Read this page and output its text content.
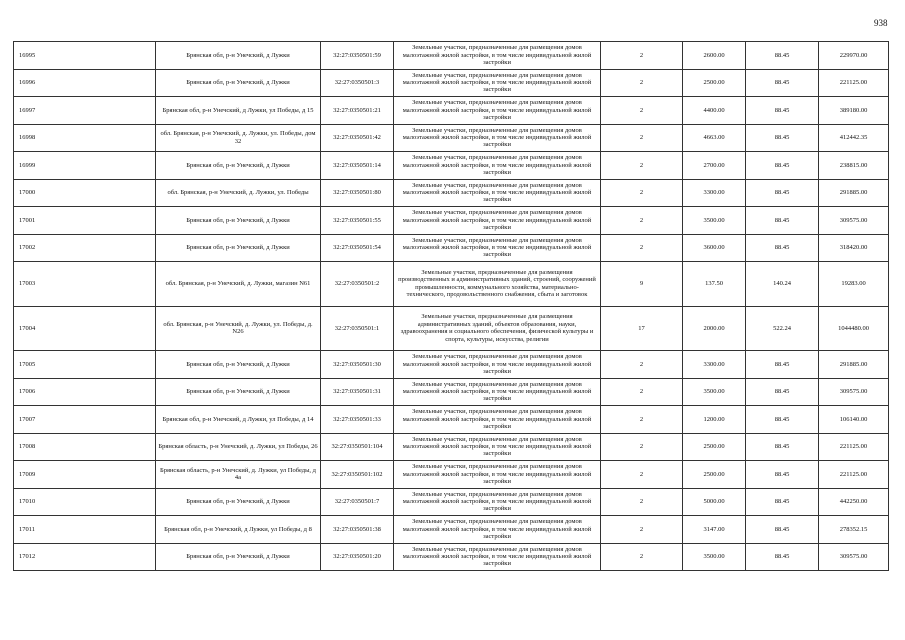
938
16995	Брянская обл, р-н Унечский, д Лужки	32:27:0350501:59	Земельные участки, предназначенные для размещения домов малоэтажной жилой застройки, в том числе индивидуальной жилой застройки	2	2600.00	88.45	229970.00
16996	Брянская обл, р-н Унечский, д Лужки	32:27:0350501:3	Земельные участки, предназначенные для размещения домов малоэтажной жилой застройки, в том числе индивидуальной жилой застройки	2	2500.00	88.45	221125.00
16997	Брянская обл, р-н Унечский, д Лужки, ул Победы, д 15	32:27:0350501:21	Земельные участки, предназначенные для размещения домов малоэтажной жилой застройки, в том числе индивидуальной жилой застройки	2	4400.00	88.45	389180.00
16998	обл. Брянская, р-н Унечский, д. Лужки, ул. Победы, дом 32	32:27:0350501:42	Земельные участки, предназначенные для размещения домов малоэтажной жилой застройки, в том числе индивидуальной жилой застройки	2	4663.00	88.45	412442.35
16999	Брянская обл, р-н Унечский, д Лужки	32:27:0350501:14	Земельные участки, предназначенные для размещения домов малоэтажной жилой застройки, в том числе индивидуальной жилой застройки	2	2700.00	88.45	238815.00
17000	обл. Брянская, р-н Унечский, д. Лужки, ул. Победы	32:27:0350501:80	Земельные участки, предназначенные для размещения домов малоэтажной жилой застройки, в том числе индивидуальной жилой застройки	2	3300.00	88.45	291885.00
17001	Брянская обл, р-н Унечский, д Лужки	32:27:0350501:55	Земельные участки, предназначенные для размещения домов малоэтажной жилой застройки, в том числе индивидуальной жилой застройки	2	3500.00	88.45	309575.00
17002	Брянская обл, р-н Унечский, д Лужки	32:27:0350501:54	Земельные участки, предназначенные для размещения домов малоэтажной жилой застройки, в том числе индивидуальной жилой застройки	2	3600.00	88.45	318420.00
17003	обл. Брянская, р-н Унечский, д. Лужки, магазин N61	32:27:0350501:2	Земельные участки, предназначенные для размещения производственных и административных зданий, строений, сооружений промышленности, коммунального хозяйства, материально-технического, продовольственного снабжения, сбыта и заготовок	9	137.50	140.24	19283.00
17004	обл. Брянская, р-н Унечский, д. Лужки, ул. Победы, д. N26	32:27:0350501:1	Земельные участки, предназначенные для размещения административных зданий, объектов образования, науки, здравоохранения и социального обеспечения, физической культуры и спорта, культуры, искусства, религии	17	2000.00	522.24	1044480.00
17005	Брянская обл, р-н Унечский, д Лужки	32:27:0350501:30	Земельные участки, предназначенные для размещения домов малоэтажной жилой застройки, в том числе индивидуальной жилой застройки	2	3300.00	88.45	291885.00
17006	Брянская обл, р-н Унечский, д Лужки	32:27:0350501:31	Земельные участки, предназначенные для размещения домов малоэтажной жилой застройки, в том числе индивидуальной жилой застройки	2	3500.00	88.45	309575.00
17007	Брянская обл, р-н Унечский, д Лужки, ул Победы, д 14	32:27:0350501:33	Земельные участки, предназначенные для размещения домов малоэтажной жилой застройки, в том числе индивидуальной жилой застройки	2	1200.00	88.45	106140.00
17008	Брянская область, р-н Унечский, д. Лужки, ул Победы, 26	32:27:0350501:104	Земельные участки, предназначенные для размещения домов малоэтажной жилой застройки, в том числе индивидуальной жилой застройки	2	2500.00	88.45	221125.00
17009	Брянская область, р-н Унечский, д. Лужки, ул Победы, д 4а	32:27:0350501:102	Земельные участки, предназначенные для размещения домов малоэтажной жилой застройки, в том числе индивидуальной жилой застройки	2	2500.00	88.45	221125.00
17010	Брянская обл, р-н Унечский, д Лужки	32:27:0350501:7	Земельные участки, предназначенные для размещения домов малоэтажной жилой застройки, в том числе индивидуальной жилой застройки	2	5000.00	88.45	442250.00
17011	Брянская обл, р-н Унечский, д Лужки, ул Победы, д 8	32:27:0350501:38	Земельные участки, предназначенные для размещения домов малоэтажной жилой застройки, в том числе индивидуальной жилой застройки	2	3147.00	88.45	278352.15
17012	Брянская обл, р-н Унечский, д Лужки	32:27:0350501:20	Земельные участки, предназначенные для размещения домов малоэтажной жилой застройки, в том числе индивидуальной жилой застройки	2	3500.00	88.45	309575.00
